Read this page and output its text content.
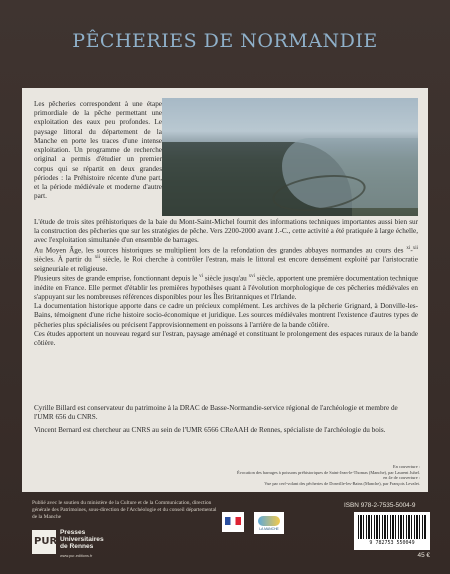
PÊCHERIES DE NORMANDIE
Les pêcheries correspondent à une étape primordiale de la pêche permettant une exploitation des eaux peu profondes. Le paysage littoral du département de la Manche en porte les traces d'une intense exploitation. Un programme de recherche original a permis d'étudier un premier corpus qui se répartit en deux grandes périodes : la Préhistoire récente d'une part, et la période médiévale et moderne d'autre part.

L'étude de trois sites préhistoriques de la baie du Mont-Saint-Michel fournit des informations techniques importantes aussi bien sur la construction des pêcheries que sur les stratégies de pêche. Vers 2200-2000 avant J.-C., cette activité a été pratiquée à large échelle, avec l'exploitation simultanée d'un ensemble de barrages.

Au Moyen Âge, les sources historiques se multiplient lors de la refondation des grandes abbayes normandes au cours des $^{xi}$-$^{xii}$ siècles. À partir du $^{xii}$ siècle, le Roi cherche à contrôler l'estran, mais le littoral est encore densément exploité par l'aristocratie seigneuriale et religieuse.

Plusieurs sites de grande emprise, fonctionnant depuis le $^{vi}$ siècle jusqu'au $^{xvi}$ siècle, apportent une première documentation technique inédite en France. Elle permet d'établir les premières hypothèses quant à l'évolution morphologique de ces pêcheries médiévales en s'appuyant sur les nombreuses références disponibles pour les Îles Britanniques et l'Irlande.

La documentation historique apporte dans ce cadre un précieux complément. Les archives de la pêcherie Grignard, à Donville-les-Bains, témoignent d'une riche histoire socio-économique et juridique. Les sources médiévales montrent l'existence d'autres types de pêcheries plus spécialisées ou précisent l'approvisionnement en poissons à l'arrière de la bande côtière.

Ces études apportent un nouveau regard sur l'estran, paysage aménagé et constituant le prolongement des espaces ruraux de la bande côtière.

Cyrille Billard est conservateur du patrimoine à la DRAC de Basse-Normandie-service régional de l'archéologie et membre de l'UMR 656 du CNRS.

Vincent Bernard est chercheur au CNRS au sein de l'UMR 6566 CReAAH de Rennes, spécialiste de l'archéologie du bois.

En couverture :

Évocation des barrages à poissons préhistoriques de Saint-Jean-le-Thomas (Manche), par Laurent Juhel.

en 4e de couverture :

Vue par cerf-volant des pêcheries de Donville-les-Bains (Manche), par François Levalet.

Publié avec le soutien du ministère de la Culture et de la Communication, direction générale des Patrimoines, sous-direction de l'Archéologie et du conseil départemental de la Manche
LA MANCHE
PUR
Presses
Universitaires
de Rennes
www.pur-editions.fr
ISBN 978-2-7535-5004-9
9 782753 550049
45 €
